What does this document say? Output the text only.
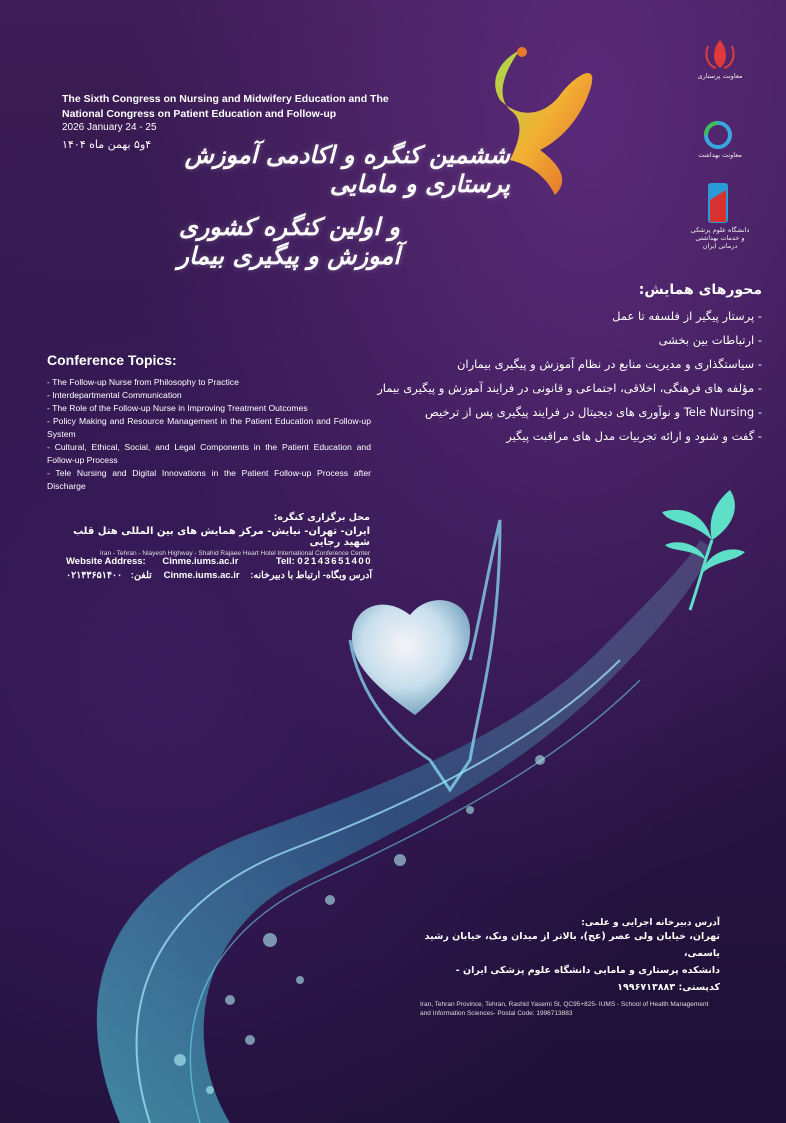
The Sixth Congress on Nursing and Midwifery Education and The National Congress on Patient Education and Follow-up
2026 January 24 - 25
۴و۵ بهمن ماه ۱۴۰۴	ششمین کنگره و اکادمی آموزش پرستاری و مامایی
و اولین کنگره کشوری آموزش و پیگیری بیمار
معاونت پرستاری
معاونت بهداشت
دانشگاه علوم پزشکی و خدمات بهداشتی درمانی ایران
محورهای همایش:
- پرستار پیگیر از فلسفه تا عمل
- ارتباطات بین بخشی
- سیاستگذاری و مدیریت منابع در نظام آموزش و پیگیری بیماران
- مؤلفه های فرهنگی، اخلاقی، اجتماعی و قانونی در فرایند آموزش و پیگیری بیمار
- Tele Nursing و نوآوری های دیجیتال در فرایند پیگیری پس از ترخیص
- گفت و شنود و ارائه تجربیات مدل های مراقبت پیگیر
Conference Topics:
- The Follow-up Nurse from Philosophy to Practice
- Interdepartmental Communication
- The Role of the Follow-up Nurse in Improving Treatment Outcomes
- Policy Making and Resource Management in the Patient Education and Follow-up System
- Cultural, Ethical, Social, and Legal Components in the Patient Education and Follow-up Process
- Tele Nursing and Digital Innovations in the Patient Follow-up Process after Discharge
محل برگزاری کنگره:
ایران- تهران- نیایش- مرکز همایش های بین المللی هتل قلب شهید رجایی
Iran - Tehran - Niayesh Highway - Shahid Rajaee Heart Hotel International Conference Center
Website Address: Cinme.iums.ac.ir	Tell: 02143651400
آدرس وبگاه- ارتباط با دبیرخانه: Cinme.iums.ac.ir
تلفن: ۰۲۱۴۳۶۵۱۴۰۰
آدرس دبیرخانه اجرایی و علمی:
تهران، خیابان ولی عصر (عج)، بالاتر از میدان ونک، خیابان رشید یاسمی،
دانشکده پرستاری و مامایی دانشگاه علوم پزشکی ایران - کدپستی: ۱۹۹۶۷۱۳۸۸۳
Iran, Tehran Province, Tehran, Rashid Yasemi St, QC95+825- IUMS - School of Health Management and Information Sciences- Postal Code: 1996713883
